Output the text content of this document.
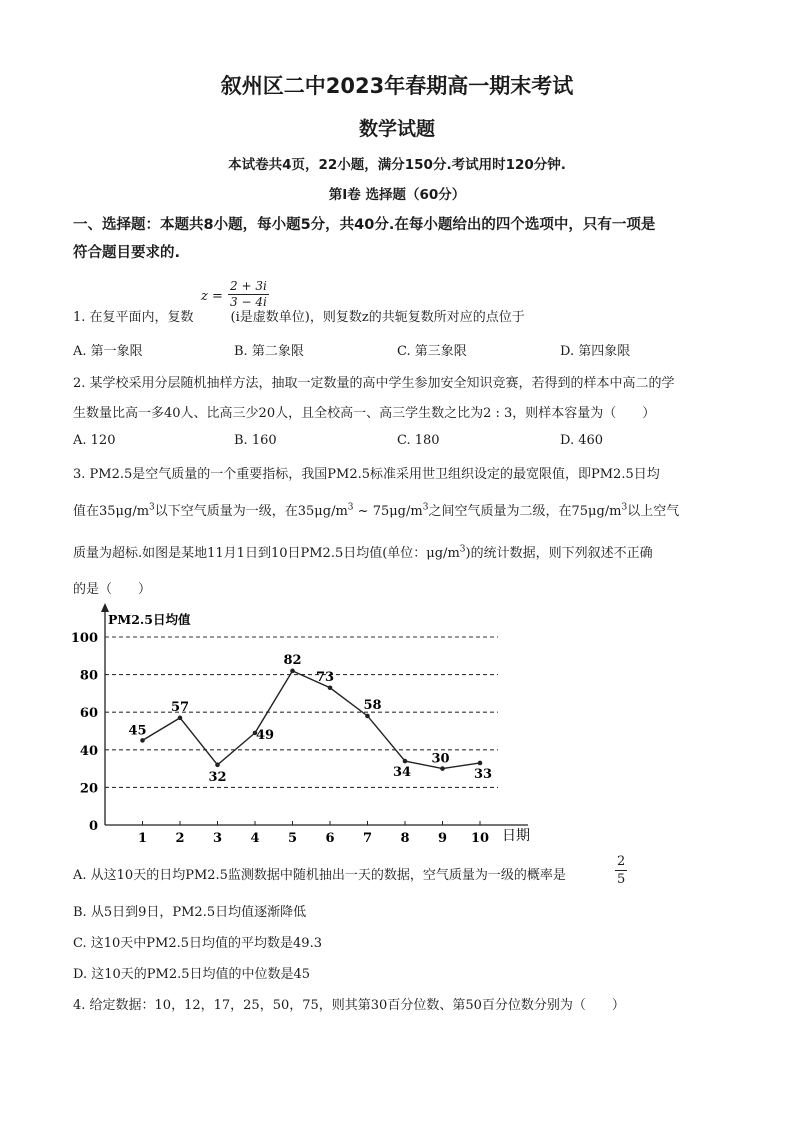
叙州区二中2023年春期高一期末考试
数学试题
本试卷共4页，22小题，满分150分.考试用时120分钟.
第I卷 选择题（60分）
一、选择题：本题共8小题，每小题5分，共40分.在每小题给出的四个选项中，只有一项是
符合题目要求的.
$z = \frac{2 + 3i}{3 - 4i}$
1. 在复平面内，复数	(i是虚数单位)，则复数z的共轭复数所对应的点位于
A. 第一象限	B. 第二象限	C. 第三象限	D. 第四象限
2. 某学校采用分层随机抽样方法，抽取一定数量的高中学生参加安全知识竞赛，若得到的样本中高二的学
生数量比高一多40人、比高三少20人，且全校高一、高三学生数之比为2 : 3，则样本容量为（　　）
A. 120	B. 160	C. 180	D. 460
3. PM2.5是空气质量的一个重要指标，我国PM2.5标准采用世卫组织设定的最宽限值，即PM2.5日均
值在$35\mu g/m^3$以下空气质量为一级，在$35\mu g/m^3$ ~ $75\mu g/m^3$之间空气质量为二级，在$75\mu g/m^3$以上空气
质量为超标.如图是某地11月1日到10日PM2.5日均值(单位：$\mu g/m^3$)的统计数据，则下列叙述不正确
的是（　　）
0
20
40
60
80
100
1 2 3 4 5 6 7 8 9 10
PM2.5日均值
日期
45
57
32
49
82
73
58
34
30
33
A. 从这10天的日均PM2.5监测数据中随机抽出一天的数据，空气质量为一级的概率是	$\frac{2}{5}$
B. 从5日到9日，PM2.5日均值逐渐降低
C. 这10天中PM2.5日均值的平均数是49.3
D. 这10天的PM2.5日均值的中位数是45
4. 给定数据：10，12，17，25，50，75，则其第30百分位数、第50百分位数分别为（　　）
